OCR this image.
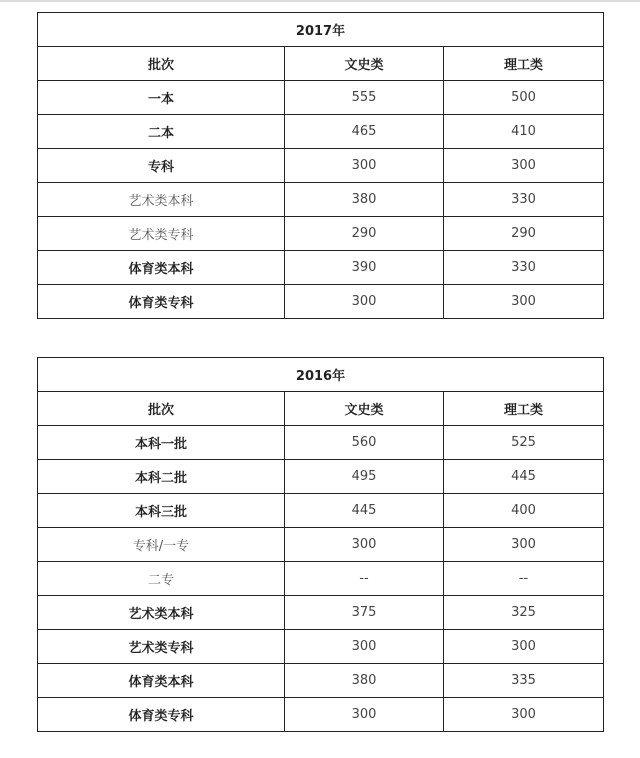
2017年		
批次	文史类	理工类
一本	555	500
二本	465	410
专科	300	300
艺术类本科	380	330
艺术类专科	290	290
体育类本科	390	330
体育类专科	300	300
2016年		
批次	文史类	理工类
本科一批	560	525
本科二批	495	445
本科三批	445	400
专科/一专	300	300
二专	--	--
艺术类本科	375	325
艺术类专科	300	300
体育类本科	380	335
体育类专科	300	300
